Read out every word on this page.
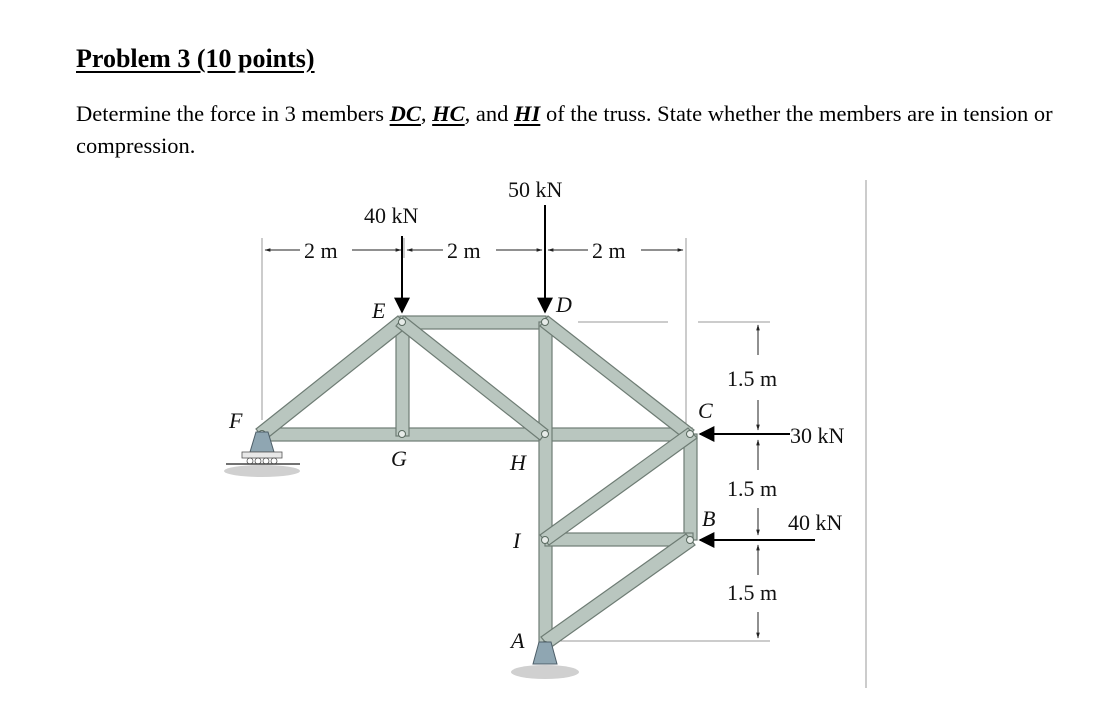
Problem 3 (10 points)
Determine the force in 3 members DC, HC, and HI of the truss. State whether the members are in tension or compression.
40 kN
50 kN
30 kN
40 kN
2 m	2 m	2 m
1.5 m
1.5 m
1.5 m
E	D
C
B
F
G	H
I
A
